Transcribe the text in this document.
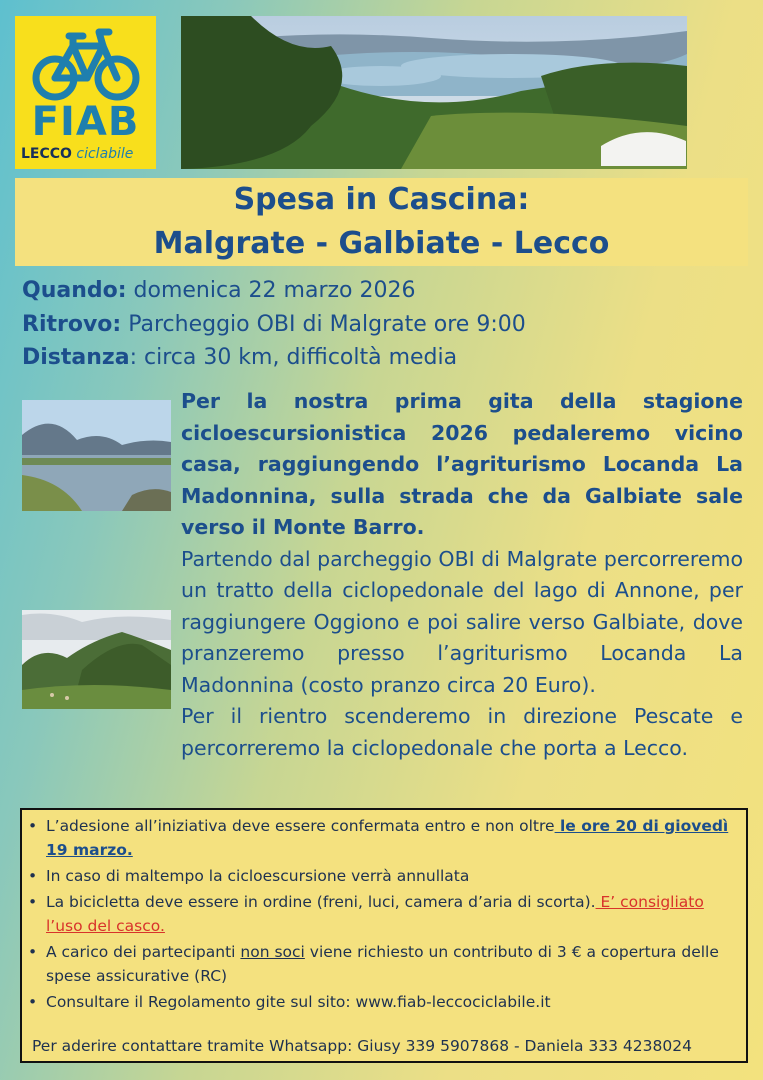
FIAB
LECCO ciclabile
Spesa in Cascina:
Malgrate - Galbiate - Lecco
Quando: domenica 22 marzo 2026
Ritrovo: Parcheggio OBI di Malgrate ore 9:00
Distanza: circa 30 km, difficoltà media

Per la nostra prima gita della stagione cicloescursionistica 2026 pedaleremo vicino casa, raggiungendo l’agriturismo Locanda La Madonnina, sulla strada che da Galbiate sale verso il Monte Barro.

Partendo dal parcheggio OBI di Malgrate percorreremo un tratto della ciclopedonale del lago di Annone, per raggiungere Oggiono e poi salire verso Galbiate, dove pranzeremo presso l’agriturismo Locanda La Madonnina (costo pranzo circa 20 Euro).

Per il rientro scenderemo in direzione Pescate e percorreremo la ciclopedonale che porta a Lecco.

• L’adesione all’iniziativa deve essere confermata entro e non oltre le ore 20 di giovedì 19 marzo.
• In caso di maltempo la cicloescursione verrà annullata
• La bicicletta deve essere in ordine (freni, luci, camera d’aria di scorta). E’ consigliato l’uso del casco.
• A carico dei partecipanti non soci viene richiesto un contributo di 3 € a copertura delle spese assicurative (RC)
• Consultare il Regolamento gite sul sito: www.fiab-leccociclabile.it
Per aderire contattare tramite Whatsapp: Giusy 339 5907868 - Daniela 333 4238024
